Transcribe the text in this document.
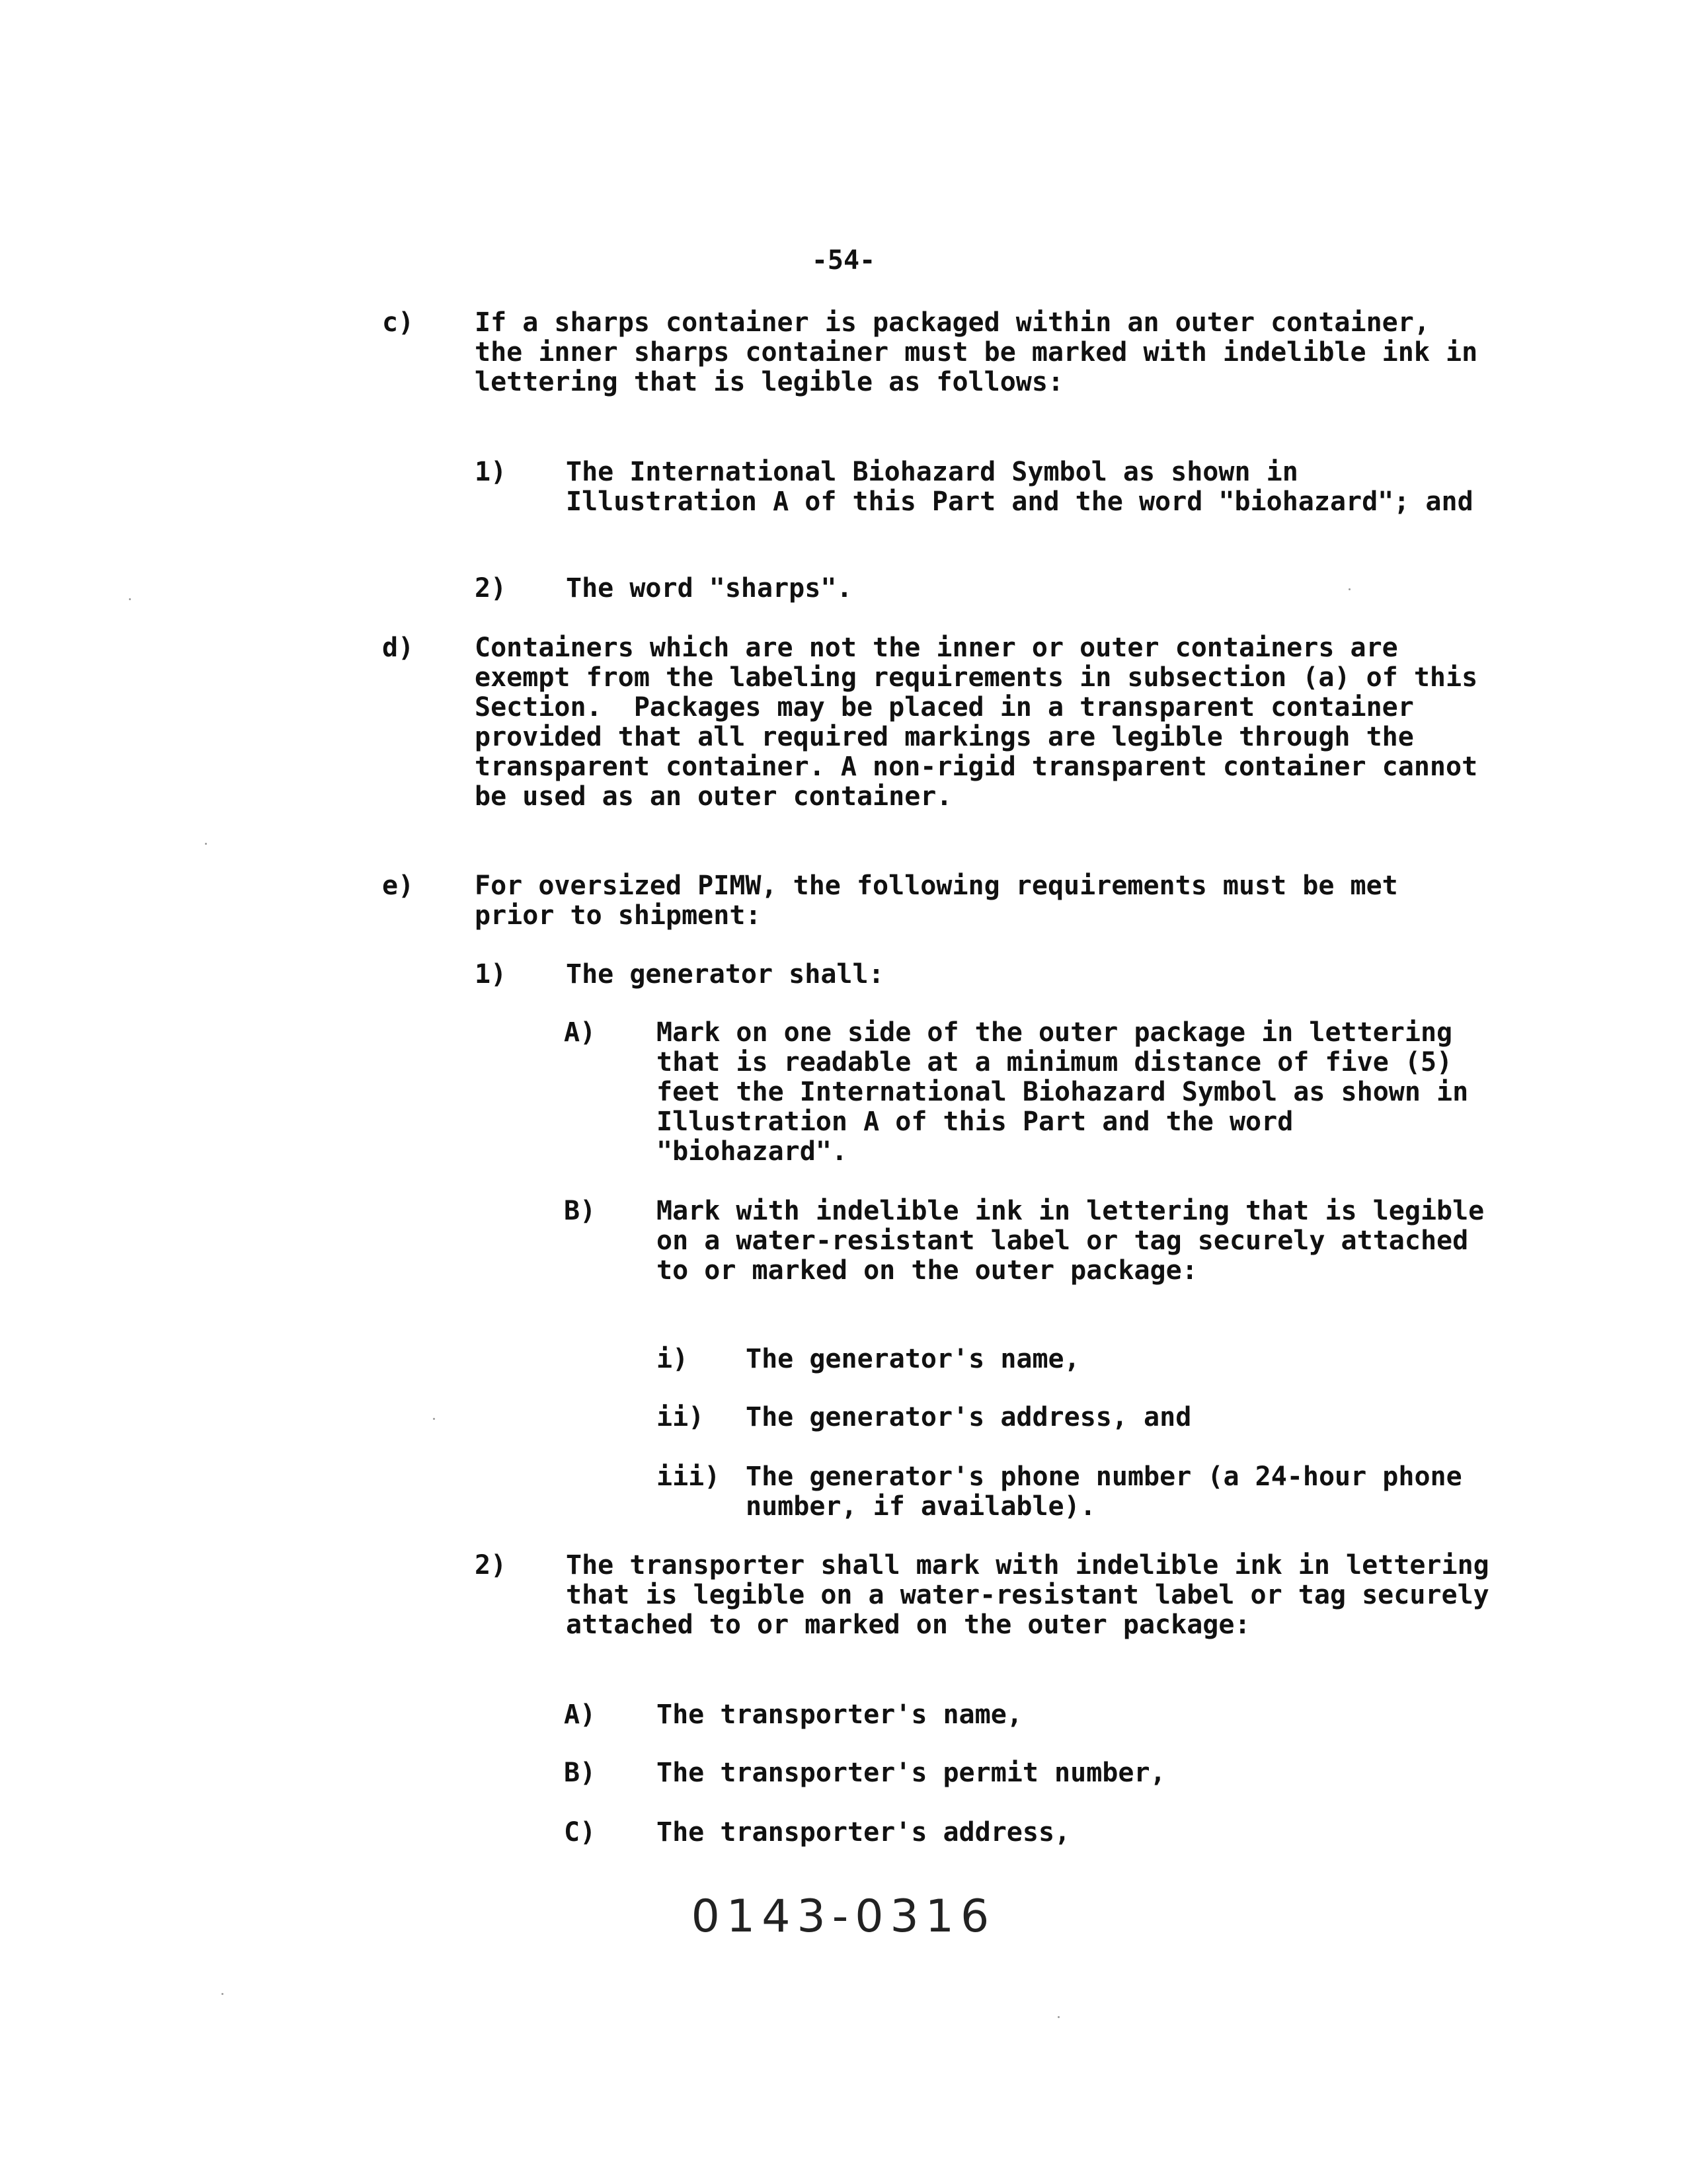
-54-
c)	If a sharps container is packaged within an outer container, the inner sharps container must be marked with indelible ink in lettering that is legible as follows:
1)	The International Biohazard Symbol as shown in Illustration A of this Part and the word "biohazard"; and
2)	The word "sharps".
d)	Containers which are not the inner or outer containers are exempt from the labeling requirements in subsection (a) of this Section.  Packages may be placed in a transparent container provided that all required markings are legible through the transparent container. A non-rigid transparent container cannot be used as an outer container.
e)	For oversized PIMW, the following requirements must be met prior to shipment:
1)	The generator shall:
A)	Mark on one side of the outer package in lettering that is readable at a minimum distance of five (5) feet the International Biohazard Symbol as shown in Illustration A of this Part and the word "biohazard".
B)	Mark with indelible ink in lettering that is legible on a water-resistant label or tag securely attached to or marked on the outer package:
i)	The generator's name,
ii)	The generator's address, and
iii) The generator's phone number (a 24-hour phone number, if available).
2)	The transporter shall mark with indelible ink in lettering that is legible on a water-resistant label or tag securely attached to or marked on the outer package:
A)	The transporter's name,
B)	The transporter's permit number,
C)	The transporter's address,
0143-0316
